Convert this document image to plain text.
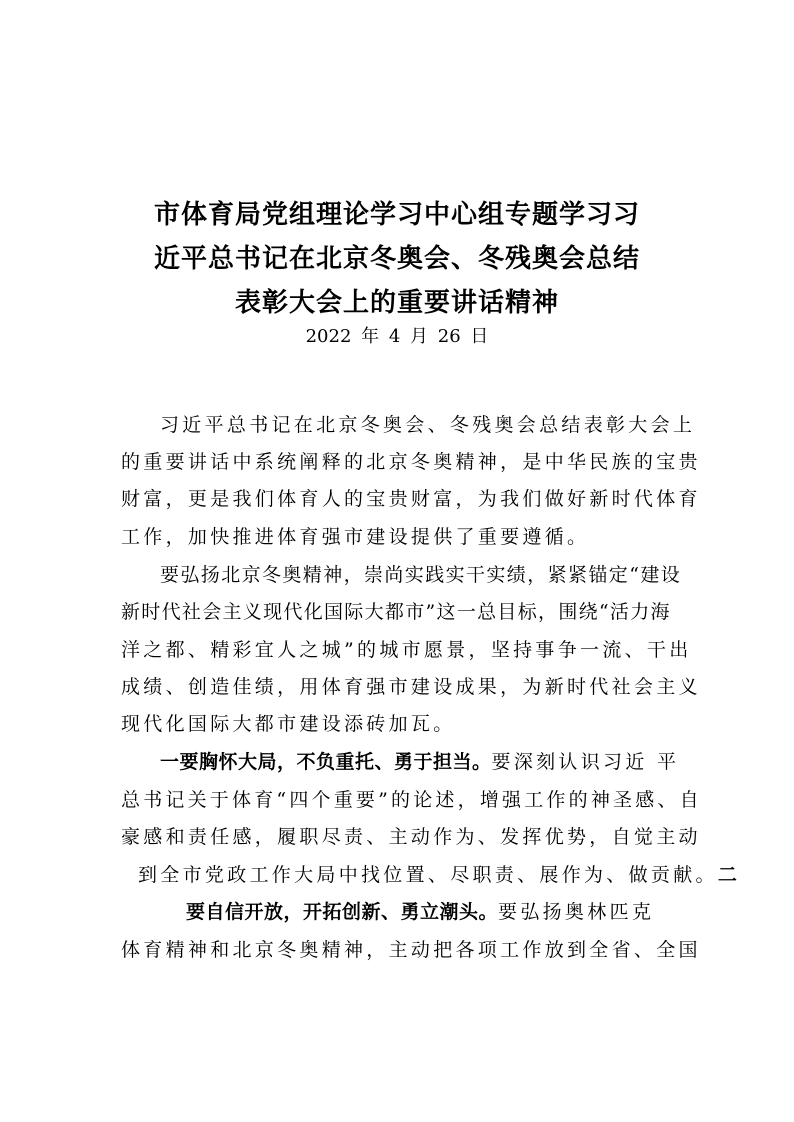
市体育局党组理论学习中心组专题学习习
近平总书记在北京冬奥会、冬残奥会总结
表彰大会上的重要讲话精神
2022 年 4 月 26 日
习近平总书记在北京冬奥会、冬残奥会总结表彰大会上
的重要讲话中系统阐释的北京冬奥精神，是中华民族的宝贵
财富，更是我们体育人的宝贵财富，为我们做好新时代体育
工作，加快推进体育强市建设提供了重要遵循。
要弘扬北京冬奥精神，崇尚实践实干实绩，紧紧锚定“建设
新时代社会主义现代化国际大都市”这一总目标，围绕“活力海
洋之都、精彩宜人之城”的城市愿景，坚持事争一流、干出
成绩、创造佳绩，用体育强市建设成果，为新时代社会主义
现代化国际大都市建设添砖加瓦。
一要胸怀大局，不负重托、勇于担当。要深刻认识习近 平
总书记关于体育“四个重要”的论述，增强工作的神圣感、自
豪感和责任感，履职尽责、主动作为、发挥优势，自觉主动
到全市党政工作大局中找位置、尽职责、展作为、做贡献。二
要自信开放，开拓创新、勇立潮头。要弘扬奥林匹克
体育精神和北京冬奥精神，主动把各项工作放到全省、全国
